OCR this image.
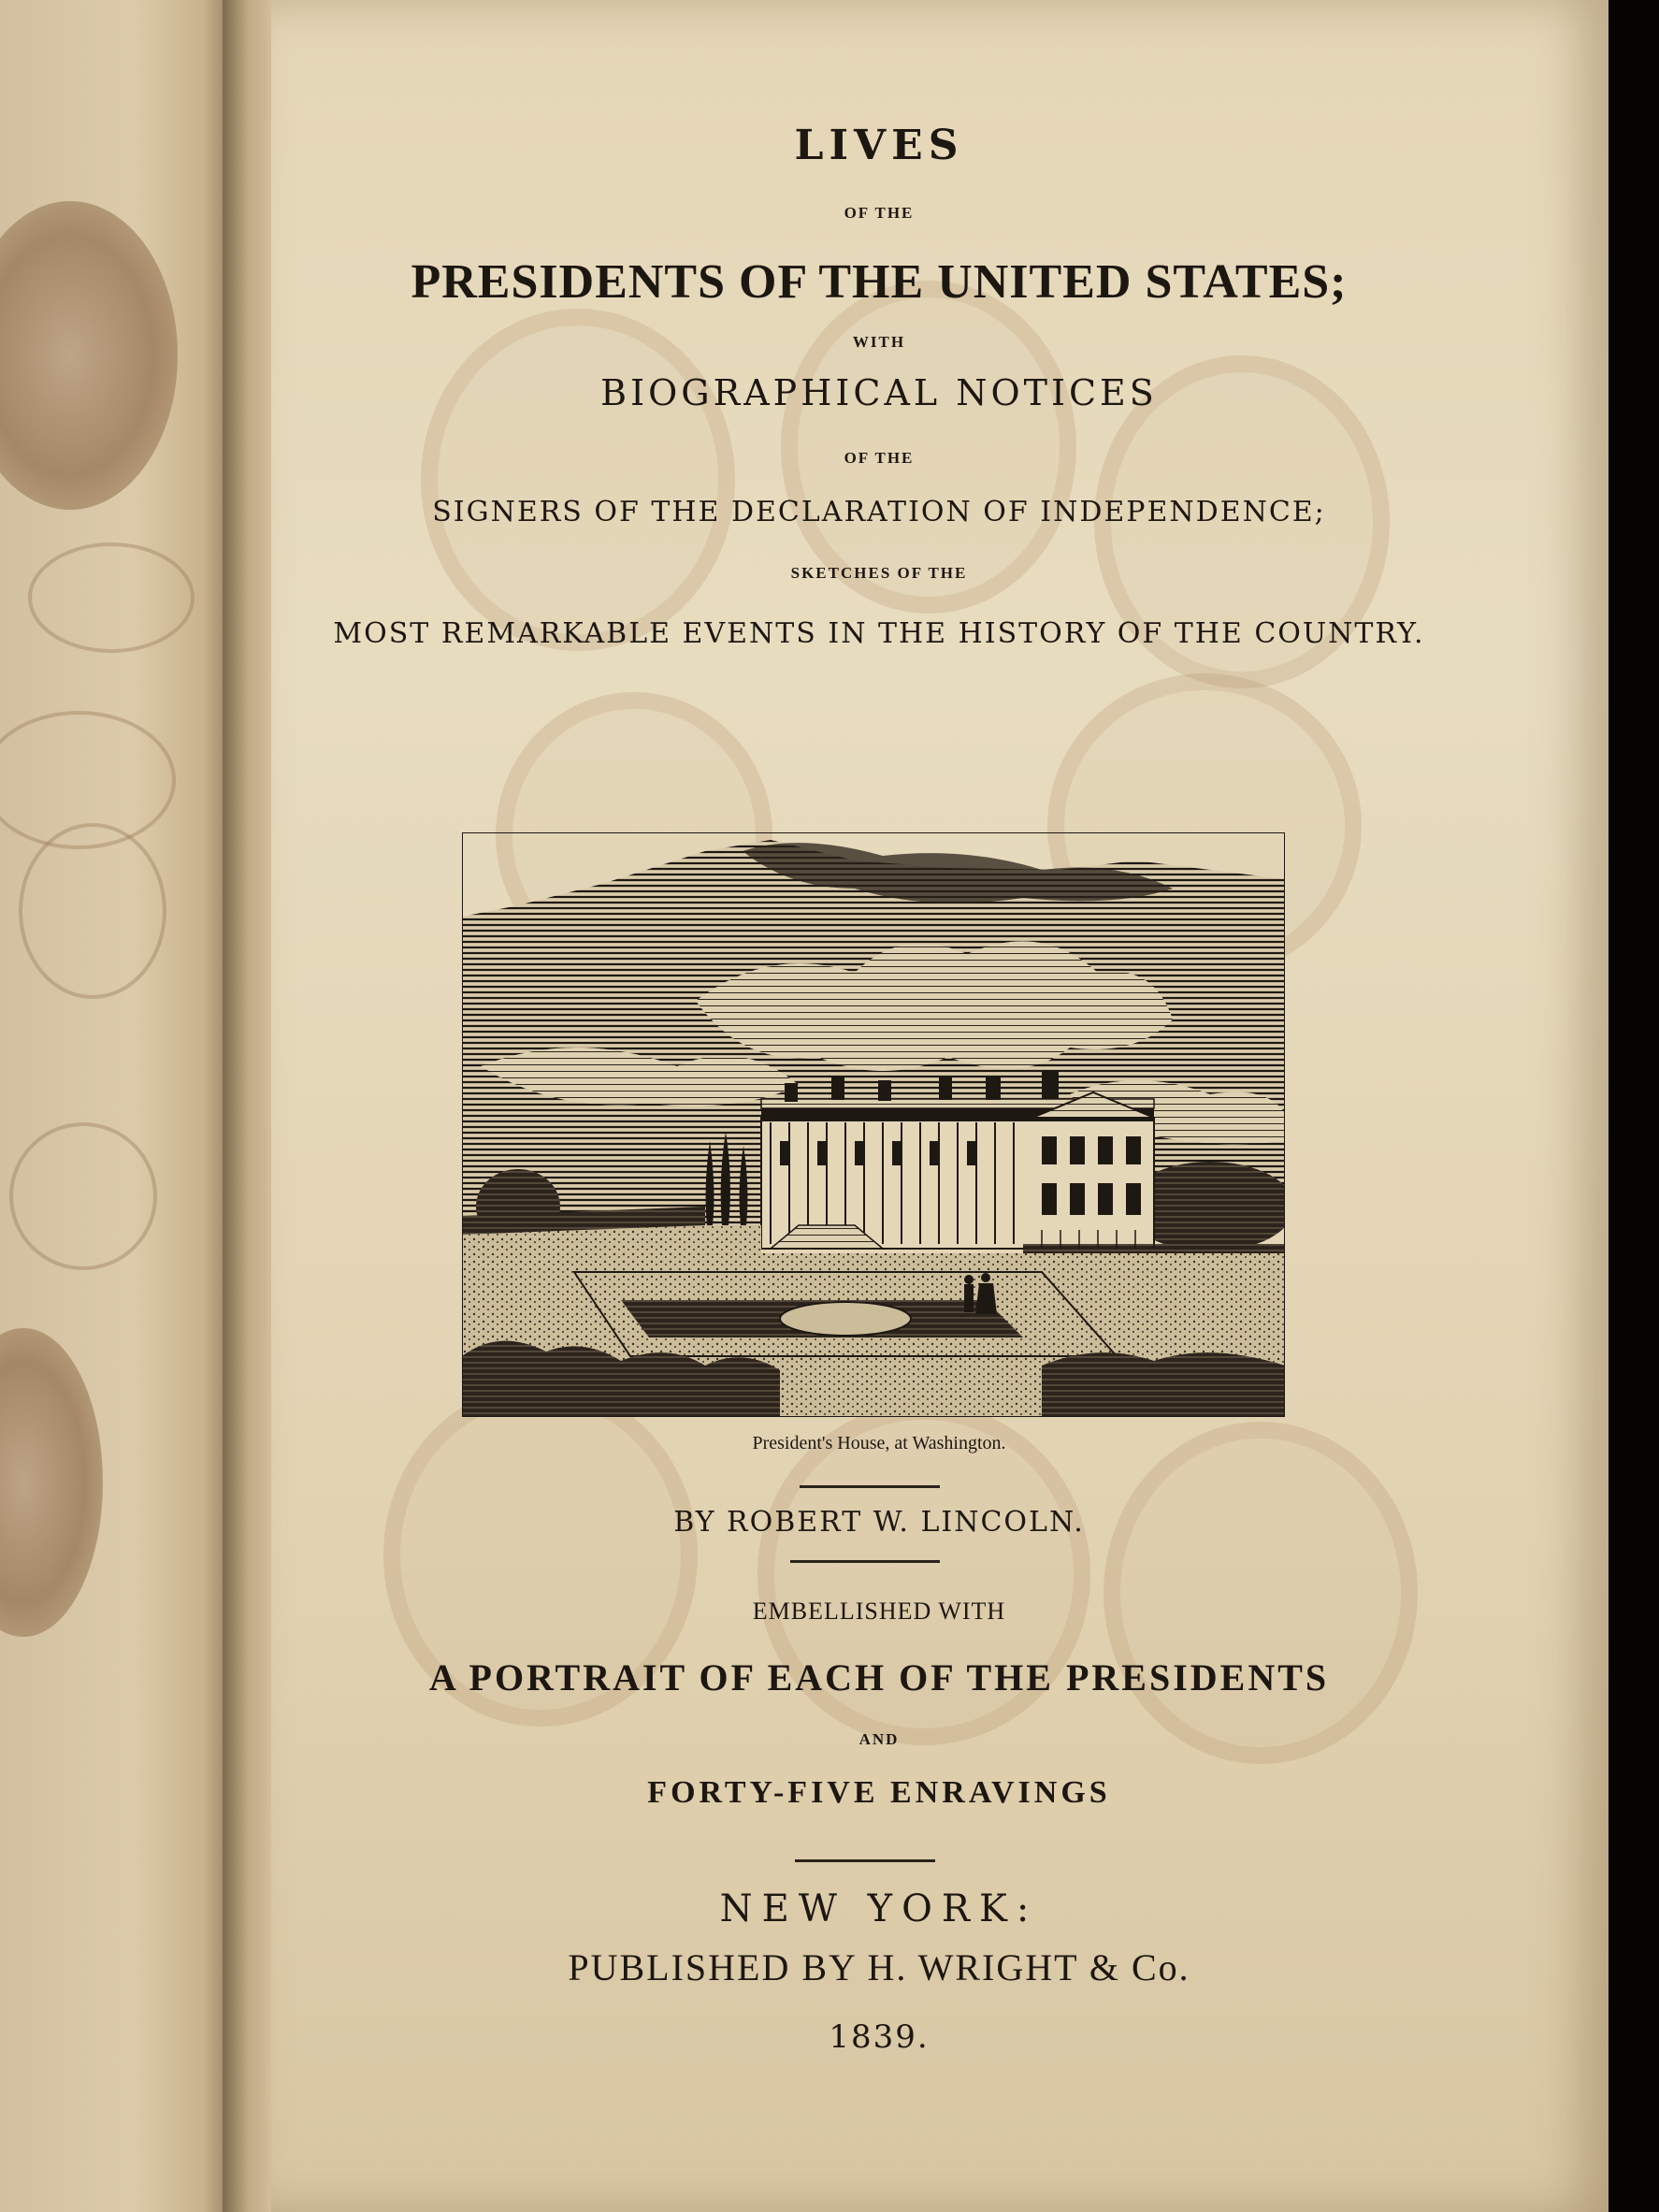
LIVES
OF THE
PRESIDENTS OF THE UNITED STATES;
WITH
BIOGRAPHICAL NOTICES
OF THE
SIGNERS OF THE DECLARATION OF INDEPENDENCE;
SKETCHES OF THE
MOST REMARKABLE EVENTS IN THE HISTORY OF THE COUNTRY.
President's House, at Washington.
BY ROBERT W. LINCOLN.
EMBELLISHED WITH
A PORTRAIT OF EACH OF THE PRESIDENTS
AND
FORTY-FIVE ENRAVINGS
NEW YORK:
PUBLISHED BY H. WRIGHT & Co.
1839.
